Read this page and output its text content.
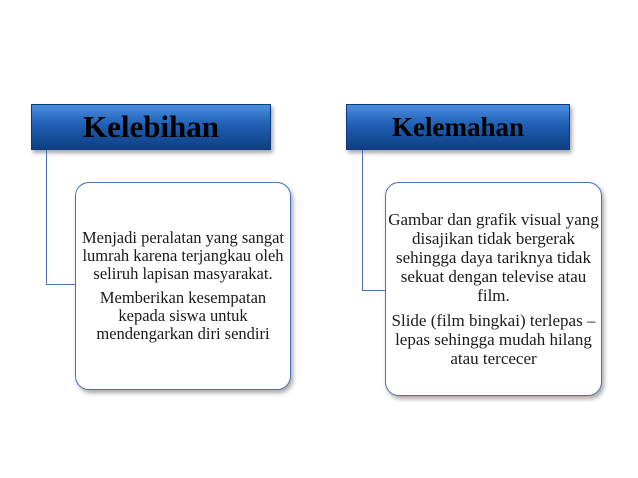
Kelebihan
Menjadi peralatan yang sangat lumrah karena terjangkau oleh seliruh lapisan masyarakat.
Memberikan kesempatan kepada siswa untuk mendengarkan diri sendiri
Kelemahan
Gambar dan grafik visual yang disajikan tidak bergerak sehingga daya tariknya tidak sekuat dengan televise atau film.
Slide (film bingkai) terlepas – lepas sehingga mudah hilang atau tercecer
